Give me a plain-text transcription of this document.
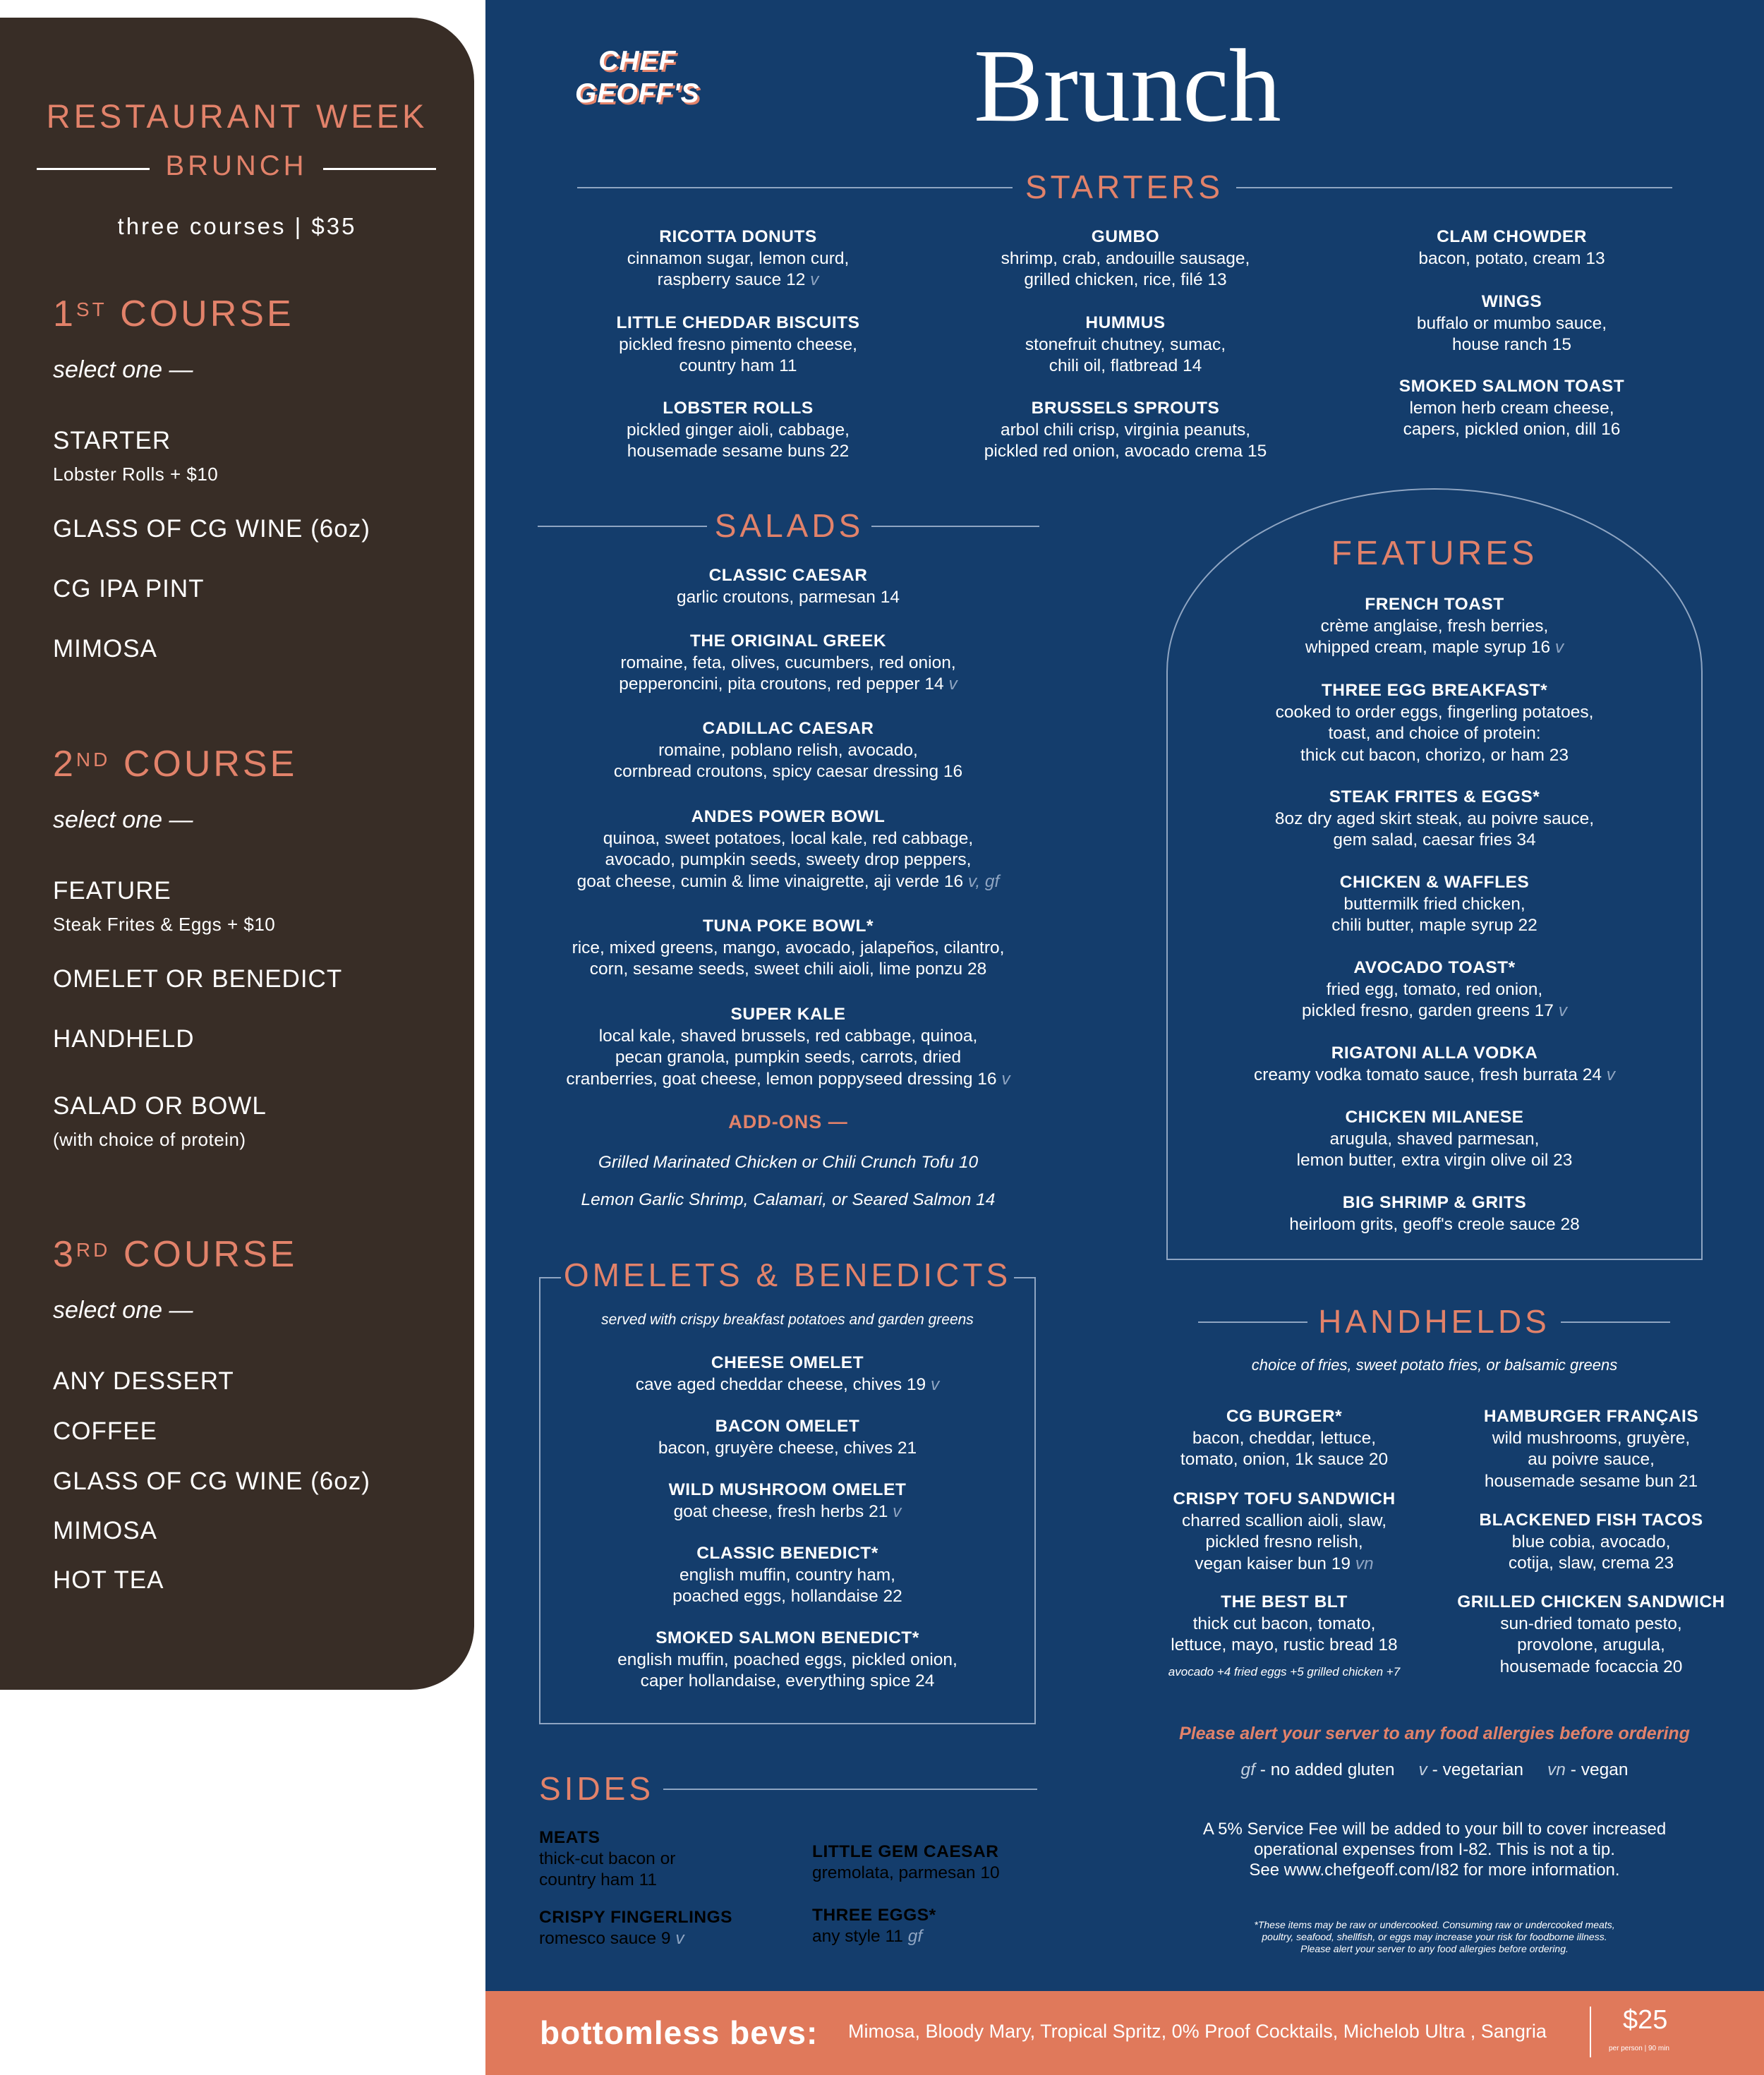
RESTAURANT WEEK
BRUNCH
three courses | $35
1ST COURSE
select one —
STARTER
Lobster Rolls + $10
GLASS OF CG WINE (6oz)
CG IPA PINT
MIMOSA
2ND COURSE
select one —
FEATURE
Steak Frites & Eggs + $10
OMELET OR BENEDICT
HANDHELD
SALAD OR BOWL
(with choice of protein)
3RD COURSE
select one —
ANY DESSERT
COFFEE
GLASS OF CG WINE (6oz)
MIMOSA
HOT TEA
CHEF
GEOFF'S	Brunch
STARTERS
RICOTTA DONUTS
cinnamon sugar, lemon curd,
raspberry sauce 12 v
LITTLE CHEDDAR BISCUITS
pickled fresno pimento cheese,
country ham 11
LOBSTER ROLLS
pickled ginger aioli, cabbage,
housemade sesame buns 22
GUMBO
shrimp, crab, andouille sausage,
grilled chicken, rice, filé 13
HUMMUS
stonefruit chutney, sumac,
chili oil, flatbread 14
BRUSSELS SPROUTS
arbol chili crisp, virginia peanuts,
pickled red onion, avocado crema 15
CLAM CHOWDER
bacon, potato, cream 13
WINGS
buffalo or mumbo sauce,
house ranch 15
SMOKED SALMON TOAST
lemon herb cream cheese,
capers, pickled onion, dill 16
SALADS
CLASSIC CAESAR
garlic croutons, parmesan 14
THE ORIGINAL GREEK
romaine, feta, olives, cucumbers, red onion,
pepperoncini, pita croutons, red pepper 14 v
CADILLAC CAESAR
romaine, poblano relish, avocado,
cornbread croutons, spicy caesar dressing 16
ANDES POWER BOWL
quinoa, sweet potatoes, local kale, red cabbage,
avocado, pumpkin seeds, sweety drop peppers,
goat cheese, cumin & lime vinaigrette, aji verde 16 v, gf
TUNA POKE BOWL*
rice, mixed greens, mango, avocado, jalapeños, cilantro,
corn, sesame seeds, sweet chili aioli, lime ponzu 28
SUPER KALE
local kale, shaved brussels, red cabbage, quinoa,
pecan granola, pumpkin seeds, carrots, dried
cranberries, goat cheese, lemon poppyseed dressing 16 v
ADD-ONS —
Grilled Marinated Chicken or Chili Crunch Tofu 10
Lemon Garlic Shrimp, Calamari, or Seared Salmon 14
FEATURES
FRENCH TOAST
crème anglaise, fresh berries,
whipped cream, maple syrup 16 v
THREE EGG BREAKFAST*
cooked to order eggs, fingerling potatoes,
toast, and choice of protein:
thick cut bacon, chorizo, or ham 23
STEAK FRITES & EGGS*
8oz dry aged skirt steak, au poivre sauce,
gem salad, caesar fries 34
CHICKEN & WAFFLES
buttermilk fried chicken,
chili butter, maple syrup 22
AVOCADO TOAST*
fried egg, tomato, red onion,
pickled fresno, garden greens 17 v
RIGATONI ALLA VODKA
creamy vodka tomato sauce, fresh burrata 24 v
CHICKEN MILANESE
arugula, shaved parmesan,
lemon butter, extra virgin olive oil 23
BIG SHRIMP & GRITS
heirloom grits, geoff's creole sauce 28
OMELETS & BENEDICTS
served with crispy breakfast potatoes and garden greens
CHEESE OMELET
cave aged cheddar cheese, chives 19 v
BACON OMELET
bacon, gruyère cheese, chives 21
WILD MUSHROOM OMELET
goat cheese, fresh herbs 21 v
CLASSIC BENEDICT*
english muffin, country ham,
poached eggs, hollandaise 22
SMOKED SALMON BENEDICT*
english muffin, poached eggs, pickled onion,
caper hollandaise, everything spice 24
HANDHELDS
choice of fries, sweet potato fries, or balsamic greens
CG BURGER*
bacon, cheddar, lettuce,
tomato, onion, 1k sauce 20
CRISPY TOFU SANDWICH
charred scallion aioli, slaw,
pickled fresno relish,
vegan kaiser bun 19 vn
THE BEST BLT
thick cut bacon, tomato,
lettuce, mayo, rustic bread 18
avocado +4 fried eggs +5 grilled chicken +7
HAMBURGER FRANÇAIS
wild mushrooms, gruyère,
au poivre sauce,
housemade sesame bun 21
BLACKENED FISH TACOS
blue cobia, avocado,
cotija, slaw, crema 23
GRILLED CHICKEN SANDWICH
sun-dried tomato pesto,
provolone, arugula,
housemade focaccia 20
Please alert your server to any food allergies before ordering
gf - no added gluten v - vegetarian vn - vegan
A 5% Service Fee will be added to your bill to cover increased
operational expenses from I-82. This is not a tip.
See www.chefgeoff.com/I82 for more information.
*These items may be raw or undercooked. Consuming raw or undercooked meats,
poultry, seafood, shellfish, or eggs may increase your risk for foodborne illness.
Please alert your server to any food allergies before ordering.
SIDES
MEATS
thick-cut bacon or
country ham 11
CRISPY FINGERLINGS
romesco sauce 9 v
LITTLE GEM CAESAR
gremolata, parmesan 10
THREE EGGS*
any style 11 gf
bottomless bevs: Mimosa, Bloody Mary, Tropical Spritz, 0% Proof Cocktails, Michelob Ultra , Sangria	$25
per person | 90 min
